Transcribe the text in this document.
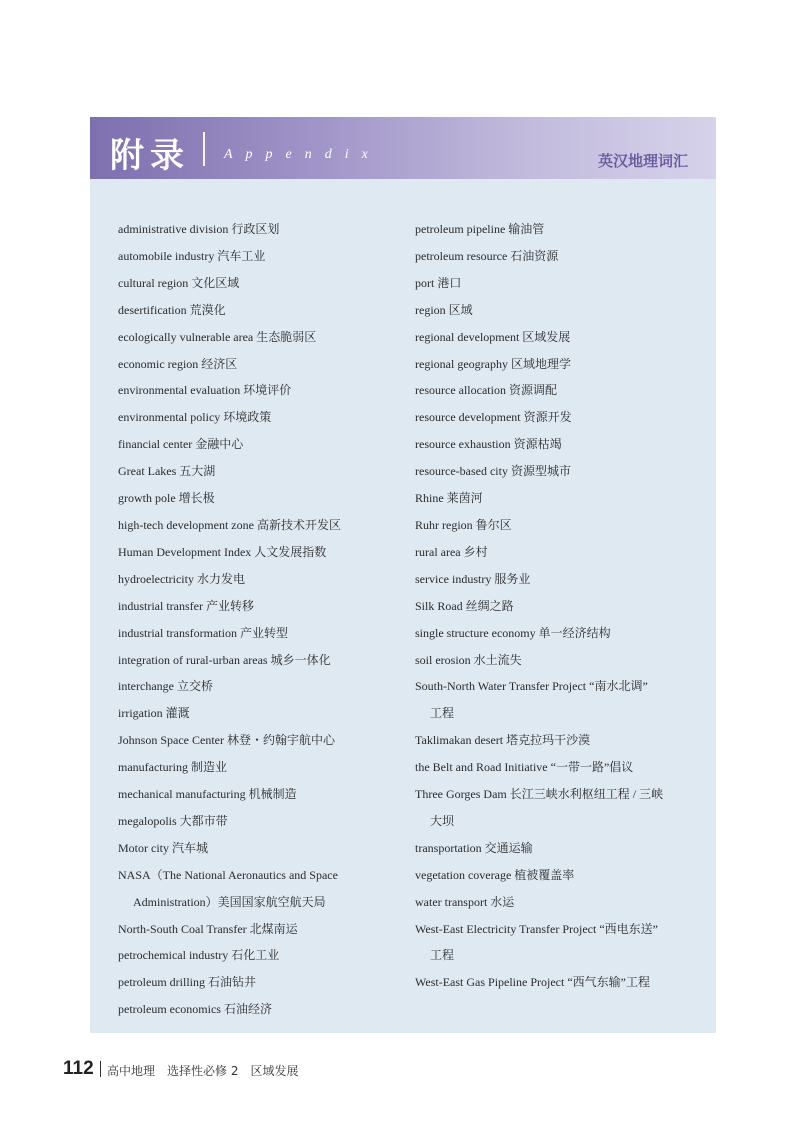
附录 Appendix	英汉地理词汇
administrative division 行政区划
automobile industry 汽车工业
cultural region 文化区域
desertification 荒漠化
ecologically vulnerable area 生态脆弱区
economic region 经济区
environmental evaluation 环境评价
environmental policy 环境政策
financial center 金融中心
Great Lakes 五大湖
growth pole 增长极
high-tech development zone 高新技术开发区
Human Development Index 人文发展指数
hydroelectricity 水力发电
industrial transfer 产业转移
industrial transformation 产业转型
integration of rural-urban areas 城乡一体化
interchange 立交桥
irrigation 灌溉
Johnson Space Center 林登・约翰宇航中心
manufacturing 制造业
mechanical manufacturing 机械制造
megalopolis 大都市带
Motor city 汽车城
NASA（The National Aeronautics and Space
Administration）美国国家航空航天局
North-South Coal Transfer 北煤南运
petrochemical industry 石化工业
petroleum drilling 石油钻井
petroleum economics 石油经济
petroleum pipeline 输油管
petroleum resource 石油资源
port 港口
region 区域
regional development 区域发展
regional geography 区域地理学
resource allocation 资源调配
resource development 资源开发
resource exhaustion 资源枯竭
resource-based city 资源型城市
Rhine 莱茵河
Ruhr region 鲁尔区
rural area 乡村
service industry 服务业
Silk Road 丝绸之路
single structure economy 单一经济结构
soil erosion 水土流失
South-North Water Transfer Project “南水北调”
工程
Taklimakan desert 塔克拉玛干沙漠
the Belt and Road Initiative “一带一路”倡议
Three Gorges Dam 长江三峡水利枢纽工程 / 三峡
大坝
transportation 交通运输
vegetation coverage 植被覆盖率
water transport 水运
West-East Electricity Transfer Project “西电东送”
工程
West-East Gas Pipeline Project “西气东输”工程
112 高中地理　选择性必修 2　区域发展
